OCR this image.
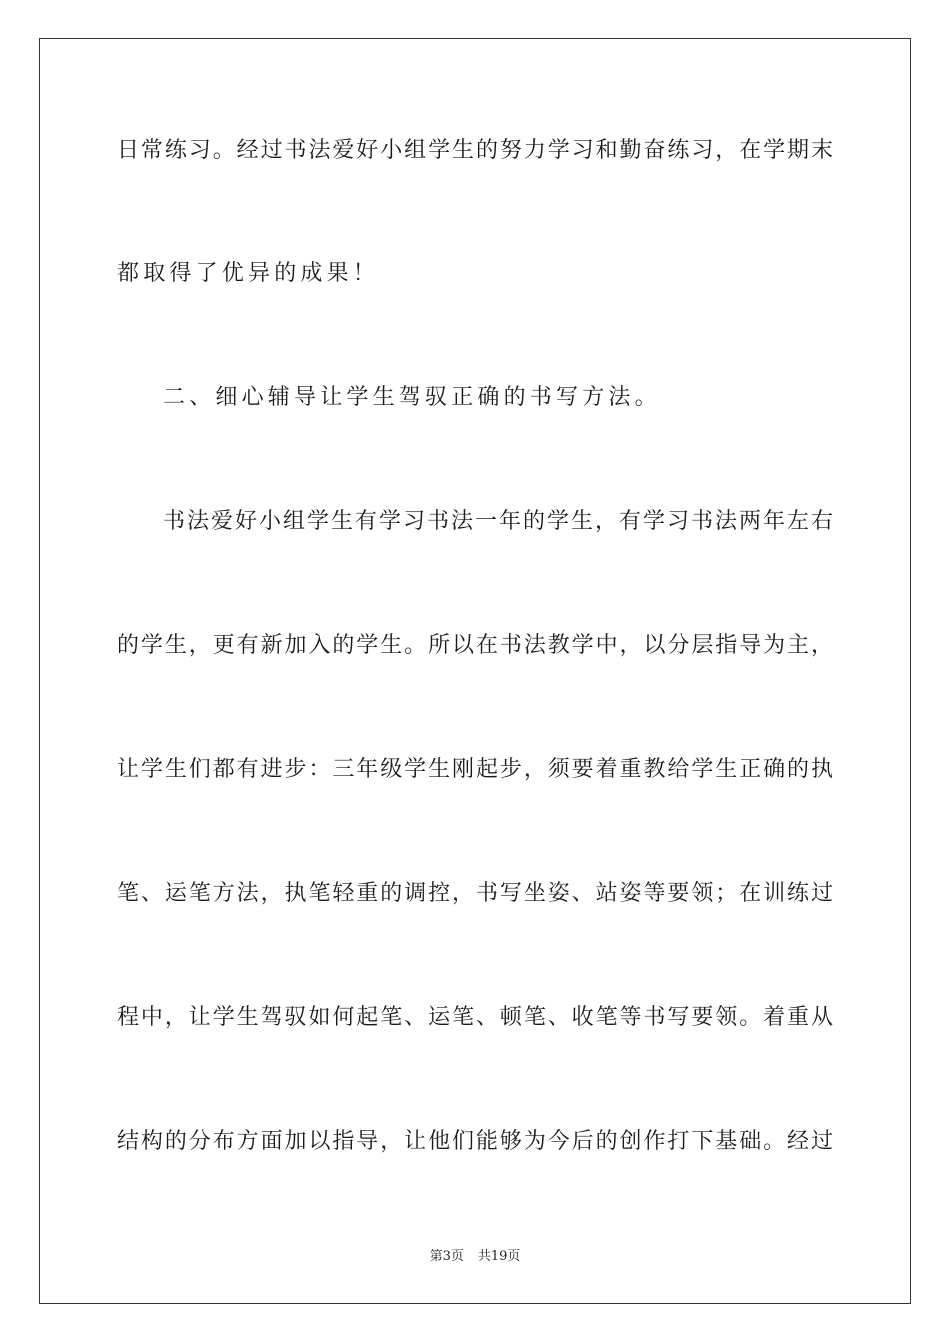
日常练习。经过书法爱好小组学生的努力学习和勤奋练习，在学期末
都取得了优异的成果！
二、细心辅导让学生驾驭正确的书写方法。
书法爱好小组学生有学习书法一年的学生，有学习书法两年左右
的学生，更有新加入的学生。所以在书法教学中，以分层指导为主，
让学生们都有进步：三年级学生刚起步，须要着重教给学生正确的执
笔、运笔方法，执笔轻重的调控，书写坐姿、站姿等要领；在训练过
程中，让学生驾驭如何起笔、运笔、顿笔、收笔等书写要领。着重从
结构的分布方面加以指导，让他们能够为今后的创作打下基础。经过
第3页 共19页
